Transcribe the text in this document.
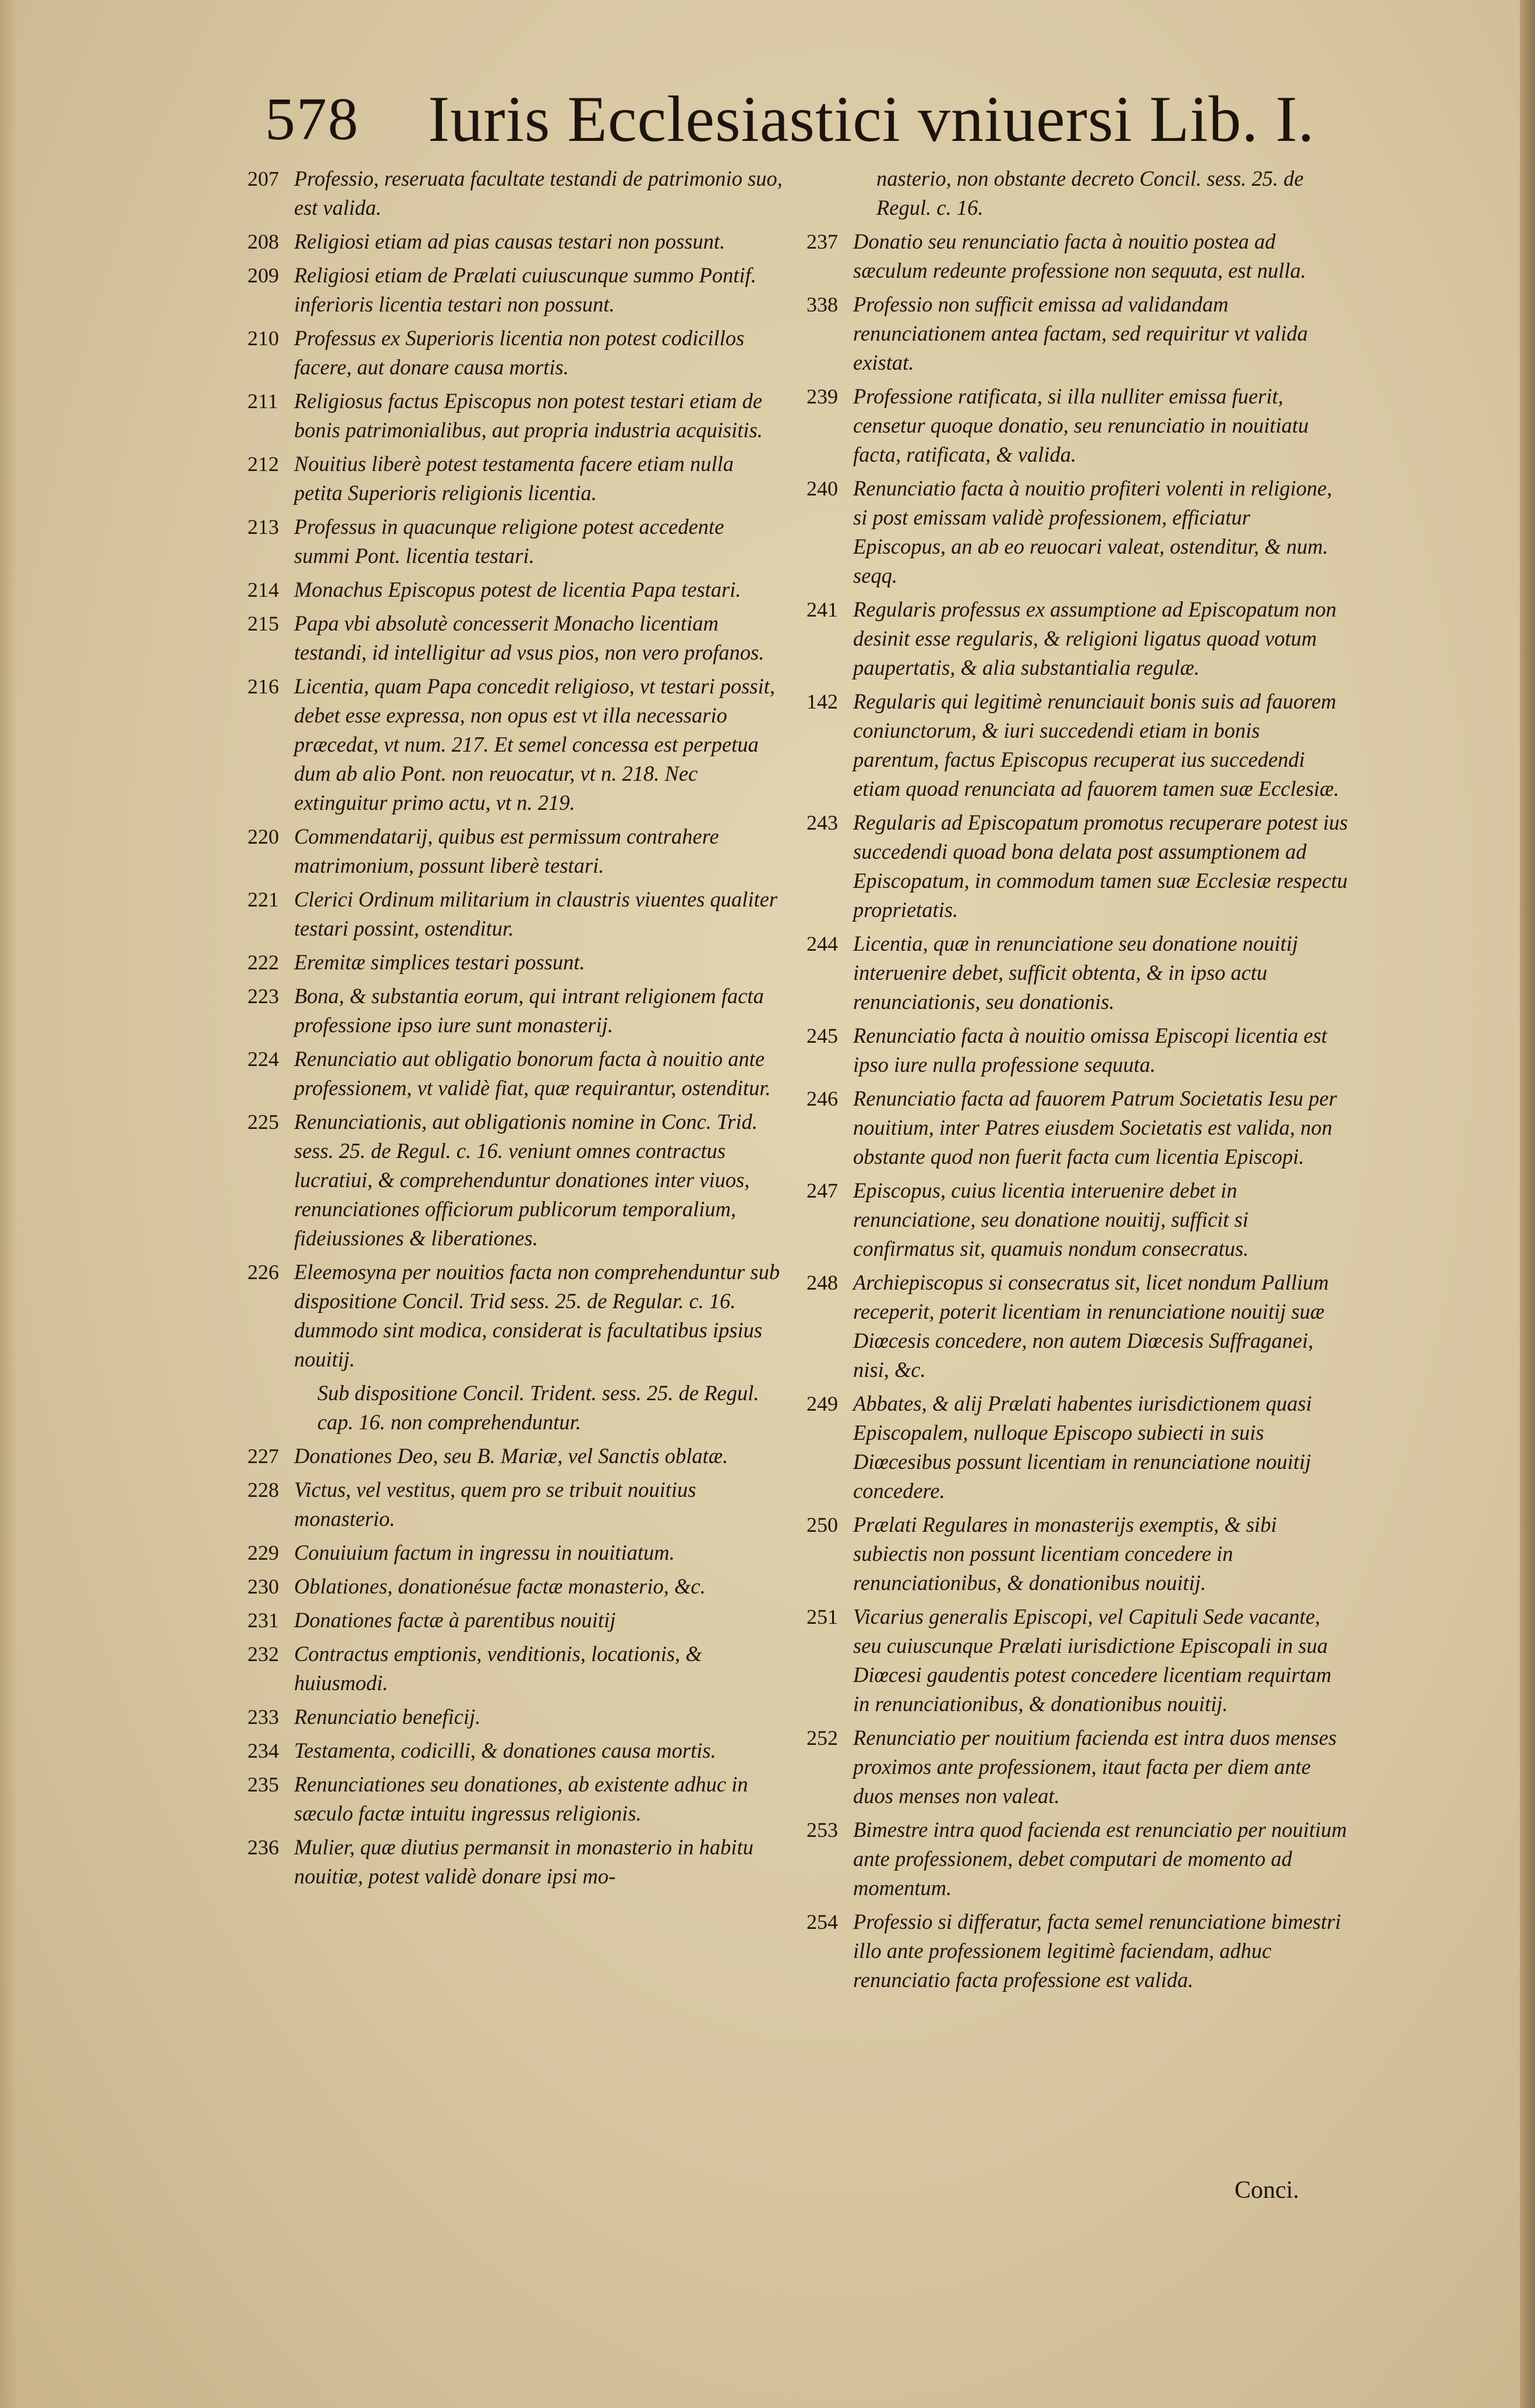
578 Iuris Ecclesiastici vniuersi Lib. I.
207 Professio, reseruata facultate testandi de patrimonio suo, est valida.
208 Religiosi etiam ad pias causas testari non possunt.
209 Religiosi etiam de Prælati cuiuscunque summo Pontif. inferioris licentia testari non possunt.
210 Professus ex Superioris licentia non potest codicillos facere, aut donare causa mortis.
211 Religiosus factus Episcopus non potest testari etiam de bonis patrimonialibus, aut propria industria acquisitis.
212 Nouitius liberè potest testamenta facere etiam nulla petita Superioris religionis licentia.
213 Professus in quacunque religione potest accedente summi Pont. licentia testari.
214 Monachus Episcopus potest de licentia Papa testari.
215 Papa vbi absolutè concesserit Monacho licentiam testandi, id intelligitur ad vsus pios, non vero profanos.
216 Licentia, quam Papa concedit religioso, vt testari possit, debet esse expressa, non opus est vt illa necessario præcedat, vt num. 217. Et semel concessa est perpetua dum ab alio Pont. non reuocatur, vt n. 218. Nec extinguitur primo actu, vt n. 219.
220 Commendatarij, quibus est permissum contrahere matrimonium, possunt liberè testari.
221 Clerici Ordinum militarium in claustris viuentes qualiter testari possint, ostenditur.
222 Eremitæ simplices testari possunt.
223 Bona, & substantia eorum, qui intrant religionem facta professione ipso iure sunt monasterij.
224 Renunciatio aut obligatio bonorum facta à nouitio ante professionem, vt validè fiat, quæ requirantur, ostenditur.
225 Renunciationis, aut obligationis nomine in Conc. Trid. sess. 25. de Regul. c. 16. veniunt omnes contractus lucratiui, & comprehenduntur donationes inter viuos, renunciationes officiorum publicorum temporalium, fideiussiones & liberationes.
226 Eleemosyna per nouitios facta non comprehenduntur sub dispositione Concil. Trid sess. 25. de Regular. c. 16. dummodo sint modica, considerat is facultatibus ipsius nouitij.
Sub dispositione Concil. Trident. sess. 25. de Regul. cap. 16. non comprehenduntur.
227 Donationes Deo, seu B. Mariæ, vel Sanctis oblatæ.
228 Victus, vel vestitus, quem pro se tribuit nouitius monasterio.
229 Conuiuium factum in ingressu in nouitiatum.
230 Oblationes, donationésue factæ monasterio, &c.
231 Donationes factæ à parentibus nouitij
232 Contractus emptionis, venditionis, locationis, & huiusmodi.
233 Renunciatio beneficij.
234 Testamenta, codicilli, & donationes causa mortis.
235 Renunciationes seu donationes, ab existente adhuc in sæculo factæ intuitu ingressus religionis.
236 Mulier, quæ diutius permansit in monasterio in habitu nouitiæ, potest validè donare ipsi mo-
nasterio, non obstante decreto Concil. sess. 25. de Regul. c. 16.
237 Donatio seu renunciatio facta à nouitio postea ad sæculum redeunte professione non sequuta, est nulla.
338 Professio non sufficit emissa ad validandam renunciationem antea factam, sed requiritur vt valida existat.
239 Professione ratificata, si illa nulliter emissa fuerit, censetur quoque donatio, seu renunciatio in nouitiatu facta, ratificata, & valida.
240 Renunciatio facta à nouitio profiteri volenti in religione, si post emissam validè professionem, efficiatur Episcopus, an ab eo reuocari valeat, ostenditur, & num. seqq.
241 Regularis professus ex assumptione ad Episcopatum non desinit esse regularis, & religioni ligatus quoad votum paupertatis, & alia substantialia regulæ.
142 Regularis qui legitimè renunciauit bonis suis ad fauorem coniunctorum, & iuri succedendi etiam in bonis parentum, factus Episcopus recuperat ius succedendi etiam quoad renunciata ad fauorem tamen suæ Ecclesiæ.
243 Regularis ad Episcopatum promotus recuperare potest ius succedendi quoad bona delata post assumptionem ad Episcopatum, in commodum tamen suæ Ecclesiæ respectu proprietatis.
244 Licentia, quæ in renunciatione seu donatione nouitij interuenire debet, sufficit obtenta, & in ipso actu renunciationis, seu donationis.
245 Renunciatio facta à nouitio omissa Episcopi licentia est ipso iure nulla professione sequuta.
246 Renunciatio facta ad fauorem Patrum Societatis Iesu per nouitium, inter Patres eiusdem Societatis est valida, non obstante quod non fuerit facta cum licentia Episcopi.
247 Episcopus, cuius licentia interuenire debet in renunciatione, seu donatione nouitij, sufficit si confirmatus sit, quamuis nondum consecratus.
248 Archiepiscopus si consecratus sit, licet nondum Pallium receperit, poterit licentiam in renunciatione nouitij suæ Diœcesis concedere, non autem Diœcesis Suffraganei, nisi, &c.
249 Abbates, & alij Prælati habentes iurisdictionem quasi Episcopalem, nulloque Episcopo subiecti in suis Diœcesibus possunt licentiam in renunciatione nouitij concedere.
250 Prælati Regulares in monasterijs exemptis, & sibi subiectis non possunt licentiam concedere in renunciationibus, & donationibus nouitij.
251 Vicarius generalis Episcopi, vel Capituli Sede vacante, seu cuiuscunque Prælati iurisdictione Episcopali in sua Diœcesi gaudentis potest concedere licentiam requirtam in renunciationibus, & donationibus nouitij.
252 Renunciatio per nouitium facienda est intra duos menses proximos ante professionem, itaut facta per diem ante duos menses non valeat.
253 Bimestre intra quod facienda est renunciatio per nouitium ante professionem, debet computari de momento ad momentum.
254 Professio si differatur, facta semel renunciatione bimestri illo ante professionem legitimè faciendam, adhuc renunciatio facta professione est valida.
Conci.
